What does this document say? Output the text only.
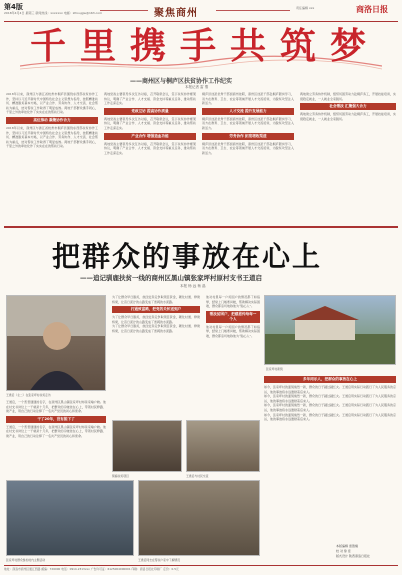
第4版
2018年4月4日 星期三 新闻热线：xxxxxxx 电邮：zlhoujgw@163.com	聚焦商州	责任编辑 xxx	商洛日报
千 里 携 手 共 筑 梦
——商州区与桐庐区扶贫协作工作纪实
本报记者 雷 骞

2018年以来，商州区与浙江省杭州市桐庐县围绕东西部扶贫协作工作，坚持以习近平新时代中国特色社会主义思想为指导，按照精准扶贫、精准脱贫基本方略，以产业合作、劳务协作、人才交流、社会帮扶为重点，结对帮扶工作取得了明显成效。两地干部群众携手同心，千里之外的牵挂化作了实实在在的帮扶行动。

高位推动 凝聚协作合力

2018年以来，商州区与浙江省杭州市桐庐县围绕东西部扶贫协作工作，坚持以习近平新时代中国特色社会主义思想为指导，按照精准扶贫、精准脱贫基本方略，以产业合作、劳务协作、人才交流、社会帮扶为重点，结对帮扶工作取得了明显成效。两地干部群众携手同心，千里之外的牵挂化作了实实在在的帮扶行动。

两地党政主要领导多次互访对接，召开联席会议，签订扶贫协作框架协议，明确了产业合作、人才支援、资金支持等重点任务，推动帮扶工作走深走实。

党政互访 提高协作质量

两地党政主要领导多次互访对接，召开联席会议，签订扶贫协作框架协议，明确了产业合作、人才支援、资金支持等重点任务，推动帮扶工作走深走实。

产业合作 增强造血功能

两地党政主要领导多次互访对接，召开联席会议，签订扶贫协作框架协议，明确了产业合作、人才支援、资金支持等重点任务，推动帮扶工作走深走实。

桐庐县选派优秀干部到商州挂职，商州区选派干部赴桐庐跟岗学习，双方在教育、卫生、农业等领域开展人才交流培训，为脱贫攻坚注入新活力。

人才交流 提升发展能力

桐庐县选派优秀干部到商州挂职，商州区选派干部赴桐庐跟岗学习，双方在教育、卫生、农业等领域开展人才交流培训，为脱贫攻坚注入新活力。

劳务协作 拓宽增收渠道

桐庐县选派优秀干部到商州挂职，商州区选派干部赴桐庐跟岗学习，双方在教育、卫生、农业等领域开展人才交流培训，为脱贫攻坚注入新活力。

两地建立劳务协作机制，组织贫困劳动力赴桐庐务工，开展技能培训，实现稳定就业，一人就业全家脱贫。

社会帮扶 汇聚强大合力

两地建立劳务协作机制，组织贫困劳动力赴桐庐务工，开展技能培训，实现稳定就业，一人就业全家脱贫。

把群众的事放在心上
——追记驯鹿扶贫一线的商州区黑山镇张家坪村原村支书王道启
本报 杨 远 杨 晶
王道启（左二）在张家坪村扶贫走访

王道启，一个普普通通的名字，在商州区黑山镇张家坪村却是家喻户晓。他在村支书岗位上一干就是十几年，把群众的冷暖挂在心上，带领村民修路、建产业，用自己的行动诠释了一名共产党员的初心和使命。

干了20年，没有脱下了

王道启，一个普普通通的名字，在商州区黑山镇张家坪村却是家喻户晓。他在村支书岗位上一干就是十几年，把群众的冷暖挂在心上，带领村民修路、建产业，用自己的行动诠释了一名共产党员的初心和使命。

为了让群众早日脱贫，他四处奔走争取项目资金，硬化村道、修建桥梁，让昔日泥泞的山路变成了宽阔的水泥路。

打通致富路，把党的关怀送到户

为了让群众早日脱贫，他四处奔走争取项目资金，硬化村道、修建桥梁，让昔日泥泞的山路变成了宽阔的水泥路。

为了让群众早日脱贫，他四处奔走争取项目资金，硬化村道、修建桥梁，让昔日泥泞的山路变成了宽阔的水泥路。

他对村里每一户贫困户的情况都了如指掌，经常上门嘘寒问暖，帮助解决实际困难，群众都亲切地称他为“贴心人”。

帮扶贫困户，把感恩传给每一个人

他对村里每一户贫困户的情况都了如指掌，经常上门嘘寒问暖，帮助解决实际困难，群众都亲切地称他为“贴心人”。

张家坪村新貌
多年同乐人，把群众的事放在心上

如今，张家坪村的面貌焕然一新，群众的日子越过越红火。王道启用实际行动践行了为人民服务的宗旨，他的事迹将永远激励着后来人。

如今，张家坪村的面貌焕然一新，群众的日子越过越红火。王道启用实际行动践行了为人民服务的宗旨，他的事迹将永远激励着后来人。

如今，张家坪村的面貌焕然一新，群众的日子越过越红火。王道启用实际行动践行了为人民服务的宗旨，他的事迹将永远激励着后来人。

如今，张家坪村的面貌焕然一新，群众的日子越过越红火。王道启用实际行动践行了为人民服务的宗旨，他的事迹将永远激励着后来人。

驯鹿扶贫项目	王道启与村民交流
张家坪村群众参加村内主题活动	王道启同志在帮扶户家中了解情况
本版编辑 雷胜楠
校 对 徐 佳
版式设计 陕西商洛日报社
地址：商洛市商州区通江西路 邮编：726000 电话：0914-2313xxx 广告许可证：6125004000001 印刷：商洛日报社印刷厂 定价：0.5元
